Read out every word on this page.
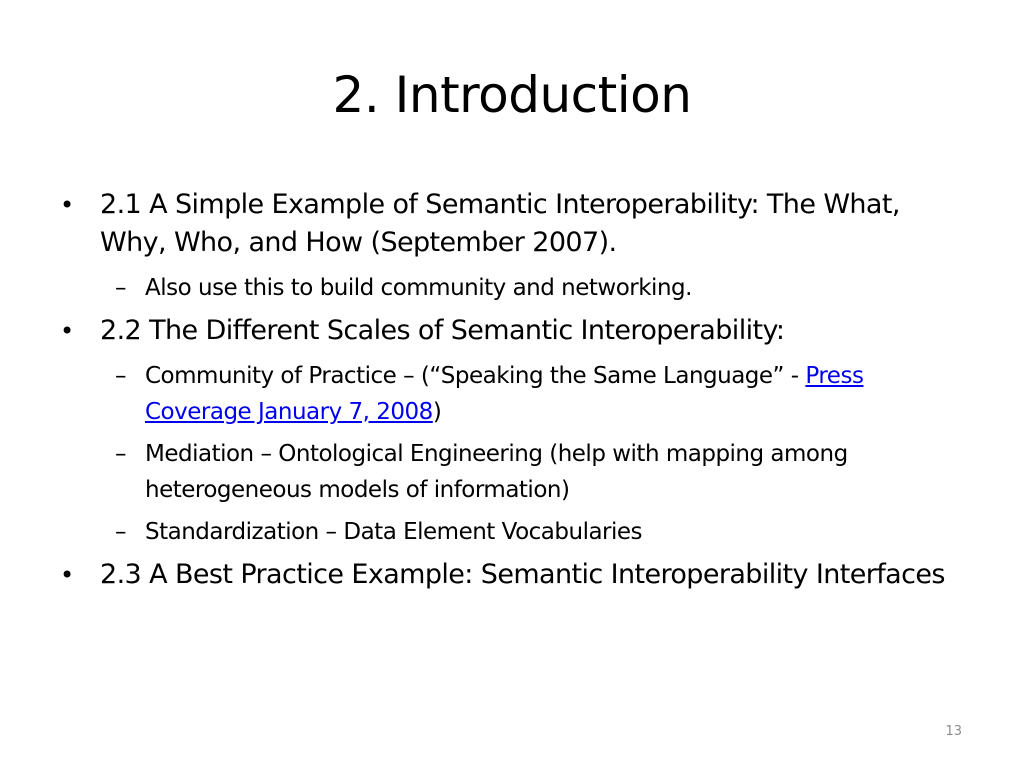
2. Introduction
• 2.1 A Simple Example of Semantic Interoperability: The What, Why, Who, and How (September 2007).
– Also use this to build community and networking.
• 2.2 The Different Scales of Semantic Interoperability:
– Community of Practice – (“Speaking the Same Language” - Press Coverage January 7, 2008)
– Mediation – Ontological Engineering (help with mapping among heterogeneous models of information)
– Standardization – Data Element Vocabularies
• 2.3 A Best Practice Example: Semantic Interoperability Interfaces
13
